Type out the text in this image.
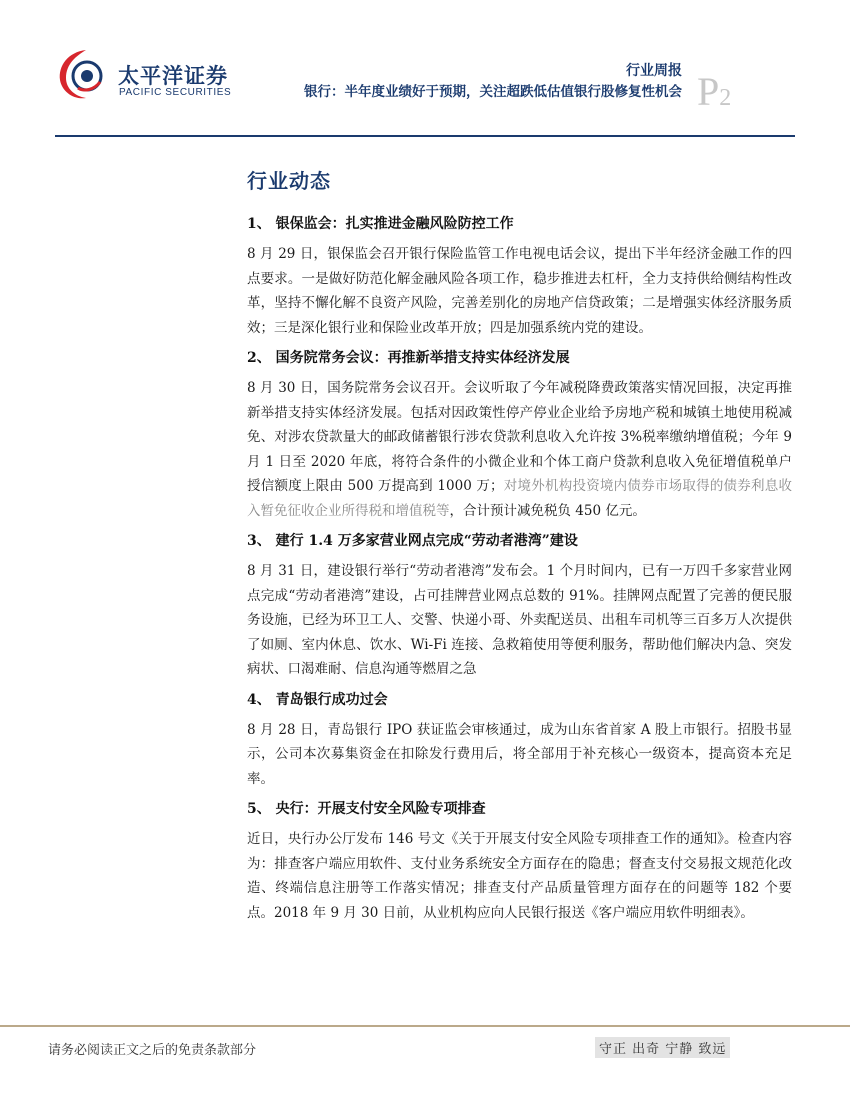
太平洋证券
PACIFIC SECURITIES
行业周报
银行：半年度业绩好于预期，关注超跌低估值银行股修复性机会 P2
行业动态
1、 银保监会：扎实推进金融风险防控工作
8 月 29 日，银保监会召开银行保险监管工作电视电话会议，提出下半年经济金融工作的四点要求。一是做好防范化解金融风险各项工作，稳步推进去杠杆，全力支持供给侧结构性改革，坚持不懈化解不良资产风险，完善差别化的房地产信贷政策；二是增强实体经济服务质效；三是深化银行业和保险业改革开放；四是加强系统内党的建设。
2、 国务院常务会议：再推新举措支持实体经济发展
8 月 30 日，国务院常务会议召开。会议听取了今年减税降费政策落实情况回报，决定再推新举措支持实体经济发展。包括对因政策性停产停业企业给予房地产税和城镇土地使用税减免、对涉农贷款量大的邮政储蓄银行涉农贷款利息收入允许按 3%税率缴纳增值税；今年 9 月 1 日至 2020 年底，将符合条件的小微企业和个体工商户贷款利息收入免征增值税单户授信额度上限由 500 万提高到 1000 万；对境外机构投资境内债券市场取得的债券利息收入暂免征收企业所得税和增值税等，合计预计减免税负 450 亿元。
3、 建行 1.4 万多家营业网点完成“劳动者港湾”建设
8 月 31 日，建设银行举行“劳动者港湾”发布会。1 个月时间内，已有一万四千多家营业网点完成“劳动者港湾”建设，占可挂牌营业网点总数的 91%。挂牌网点配置了完善的便民服务设施，已经为环卫工人、交警、快递小哥、外卖配送员、出租车司机等三百多万人次提供了如厕、室内休息、饮水、Wi-Fi 连接、急救箱使用等便利服务，帮助他们解决内急、突发病状、口渴难耐、信息沟通等燃眉之急
4、 青岛银行成功过会
8 月 28 日，青岛银行 IPO 获证监会审核通过，成为山东省首家 A 股上市银行。招股书显示，公司本次募集资金在扣除发行费用后，将全部用于补充核心一级资本，提高资本充足率。
5、 央行：开展支付安全风险专项排查
近日，央行办公厅发布 146 号文《关于开展支付安全风险专项排查工作的通知》。检查内容为：排查客户端应用软件、支付业务系统安全方面存在的隐患；督查支付交易报文规范化改造、终端信息注册等工作落实情况；排查支付产品质量管理方面存在的问题等 182 个要点。2018 年 9 月 30 日前，从业机构应向人民银行报送《客户端应用软件明细表》。
请务必阅读正文之后的免责条款部分	守正 出奇 宁静 致远
